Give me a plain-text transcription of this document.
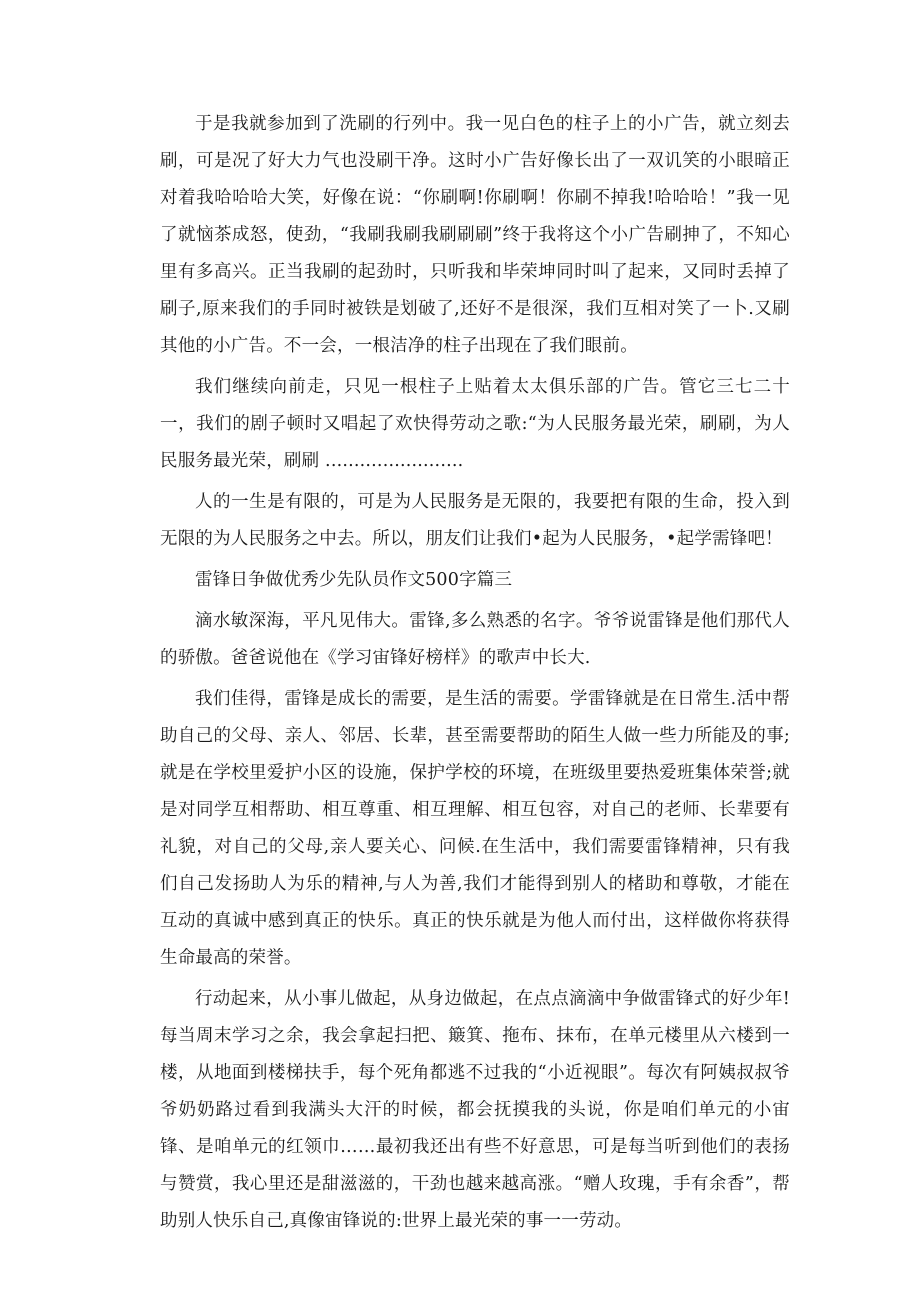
于是我就参加到了洗刷的行列中。我一见白色的柱子上的小广告，就立刻去刷，可是况了好大力气也没刷干净。这时小广告好像长出了一双讥笑的小眼暗正对着我哈哈哈大笑，好像在说：“你刷啊!你刷啊！你刷不掉我!哈哈哈！”我一见了就恼茶成怒，使劲，“我刷我刷我刷刷刷”终于我将这个小广告刷抻了，不知心里有多高兴。正当我刷的起劲时，只听我和毕荣坤同时叫了起来，又同时丢掉了刷子,原来我们的手同时被铁是划破了,还好不是很深，我们互相对笑了一卜.又刷其他的小广告。不一会，一根洁净的柱子出现在了我们眼前。

我们继续向前走，只见一根柱子上贴着太太俱乐部的广告。管它三七二十一，我们的剧子顿时又唱起了欢快得劳动之歌:“为人民服务最光荣，刷刷，为人民服务最光荣，刷刷 ........................

人的一生是有限的，可是为人民服务是无限的，我要把有限的生命，投入到无限的为人民服务之中去。所以，朋友们让我们•起为人民服务，•起学需锋吧！

雷锋日争做优秀少先队员作文500字篇三

滴水敏深海，平凡见伟大。雷锋,多么熟悉的名字。爷爷说雷锋是他们那代人的骄傲。爸爸说他在《学习宙锋好榜样》的歌声中长大.

我们佳得，雷锋是成长的需要，是生活的需要。学雷锋就是在日常生.活中帮助自己的父母、亲人、邻居、长辈，甚至需要帮助的陌生人做一些力所能及的事;就是在学校里爱护小区的设施，保护学校的环境，在班级里要热爱班集体荣誉;就是对同学互相帮助、相互尊重、相互理解、相互包容，对自己的老师、长辈要有礼貌，对自己的父母,亲人要关心、问候.在生活中，我们需要雷锋精神，只有我们自己发扬助人为乐的精神,与人为善,我们才能得到别人的楮助和尊敬，才能在互动的真诚中感到真正的快乐。真正的快乐就是为他人而付出，这样做你将获得生命最高的荣誉。

行动起来，从小事儿做起，从身边做起，在点点滴滴中争做雷锋式的好少年!每当周末学习之余，我会拿起扫把、簸箕、拖布、抹布，在单元楼里从六楼到一楼，从地面到楼梯扶手，每个死角都逃不过我的“小近视眼”。每次有阿姨叔叔爷爷奶奶路过看到我满头大汗的时候，都会抚摸我的头说，你是咱们单元的小宙锋、是咱单元的红领巾……最初我还出有些不好意思，可是每当听到他们的表扬与赞赏，我心里还是甜滋滋的，干劲也越来越高涨。“赠人玫瑰，手有余香”，帮助别人快乐自己,真像宙锋说的:世界上最光荣的事一一劳动。
